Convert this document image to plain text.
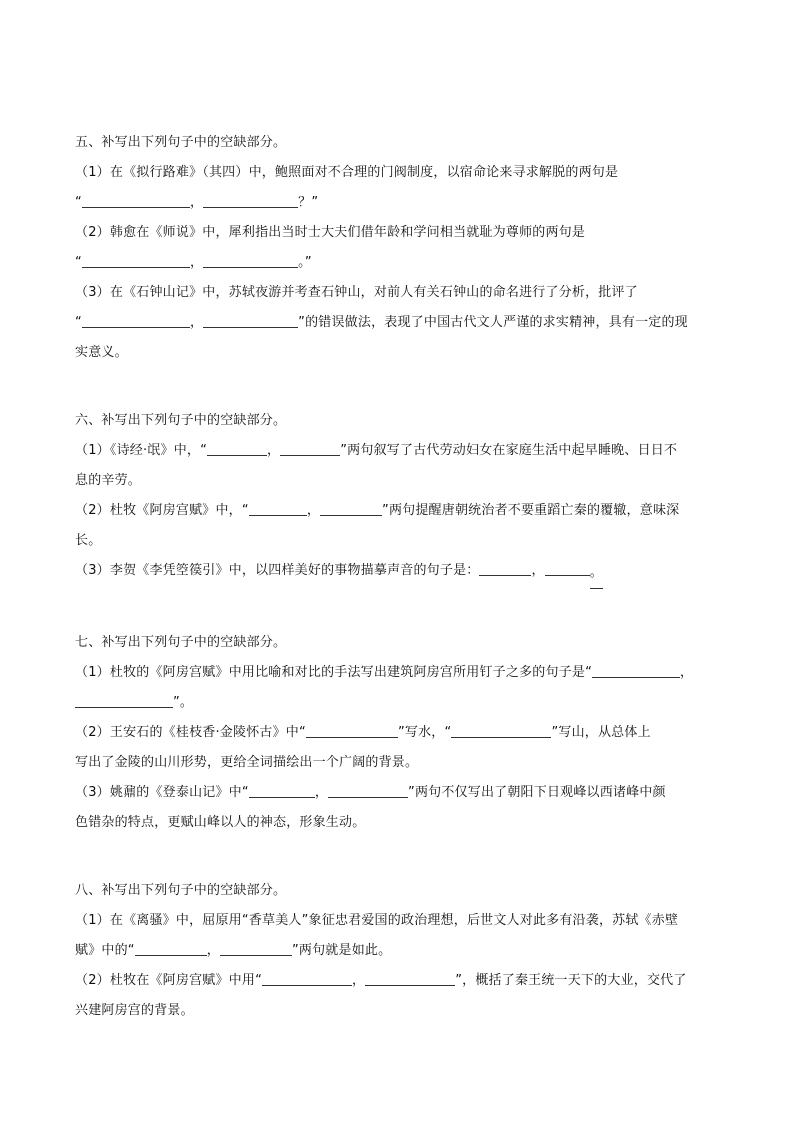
五、补写出下列句子中的空缺部分。
（1）在《拟行路难》（其四）中，鲍照面对不合理的门阀制度，以宿命论来寻求解脱的两句是
“	，	？”
（2）韩愈在《师说》中，犀利指出当时士大夫们借年龄和学问相当就耻为尊师的两句是
“	，	。”
（3）在《石钟山记》中，苏轼夜游并考查石钟山，对前人有关石钟山的命名进行了分析，批评了
“	，	”的错误做法，表现了中国古代文人严谨的求实精神，具有一定的现
实意义。
六、补写出下列句子中的空缺部分。
（1）《诗经·氓》中，“	，	”两句叙写了古代劳动妇女在家庭生活中起早睡晚、日日不
息的辛劳。
（2）杜牧《阿房宫赋》中，“	，	”两句提醒唐朝统治者不要重蹈亡秦的覆辙，意味深
长。
（3）李贺《李凭箜篌引》中，以四样美好的事物描摹声音的句子是：	，	。
七、补写出下列句子中的空缺部分。
（1）杜牧的《阿房宫赋》中用比喻和对比的手法写出建筑阿房宫所用钉子之多的句子是“	，
”。
（2）王安石的《桂枝香·金陵怀古》中“	”写水，“	”写山，从总体上
写出了金陵的山川形势，更给全词描绘出一个广阔的背景。
（3）姚鼐的《登泰山记》中“	，	”两句不仅写出了朝阳下日观峰以西诸峰中颜
色错杂的特点，更赋山峰以人的神态，形象生动。
八、补写出下列句子中的空缺部分。
（1）在《离骚》中，屈原用“香草美人”象征忠君爱国的政治理想，后世文人对此多有沿袭，苏轼《赤壁
赋》中的“	，	”两句就是如此。
（2）杜牧在《阿房宫赋》中用“	，	”，概括了秦王统一天下的大业，交代了
兴建阿房宫的背景。
